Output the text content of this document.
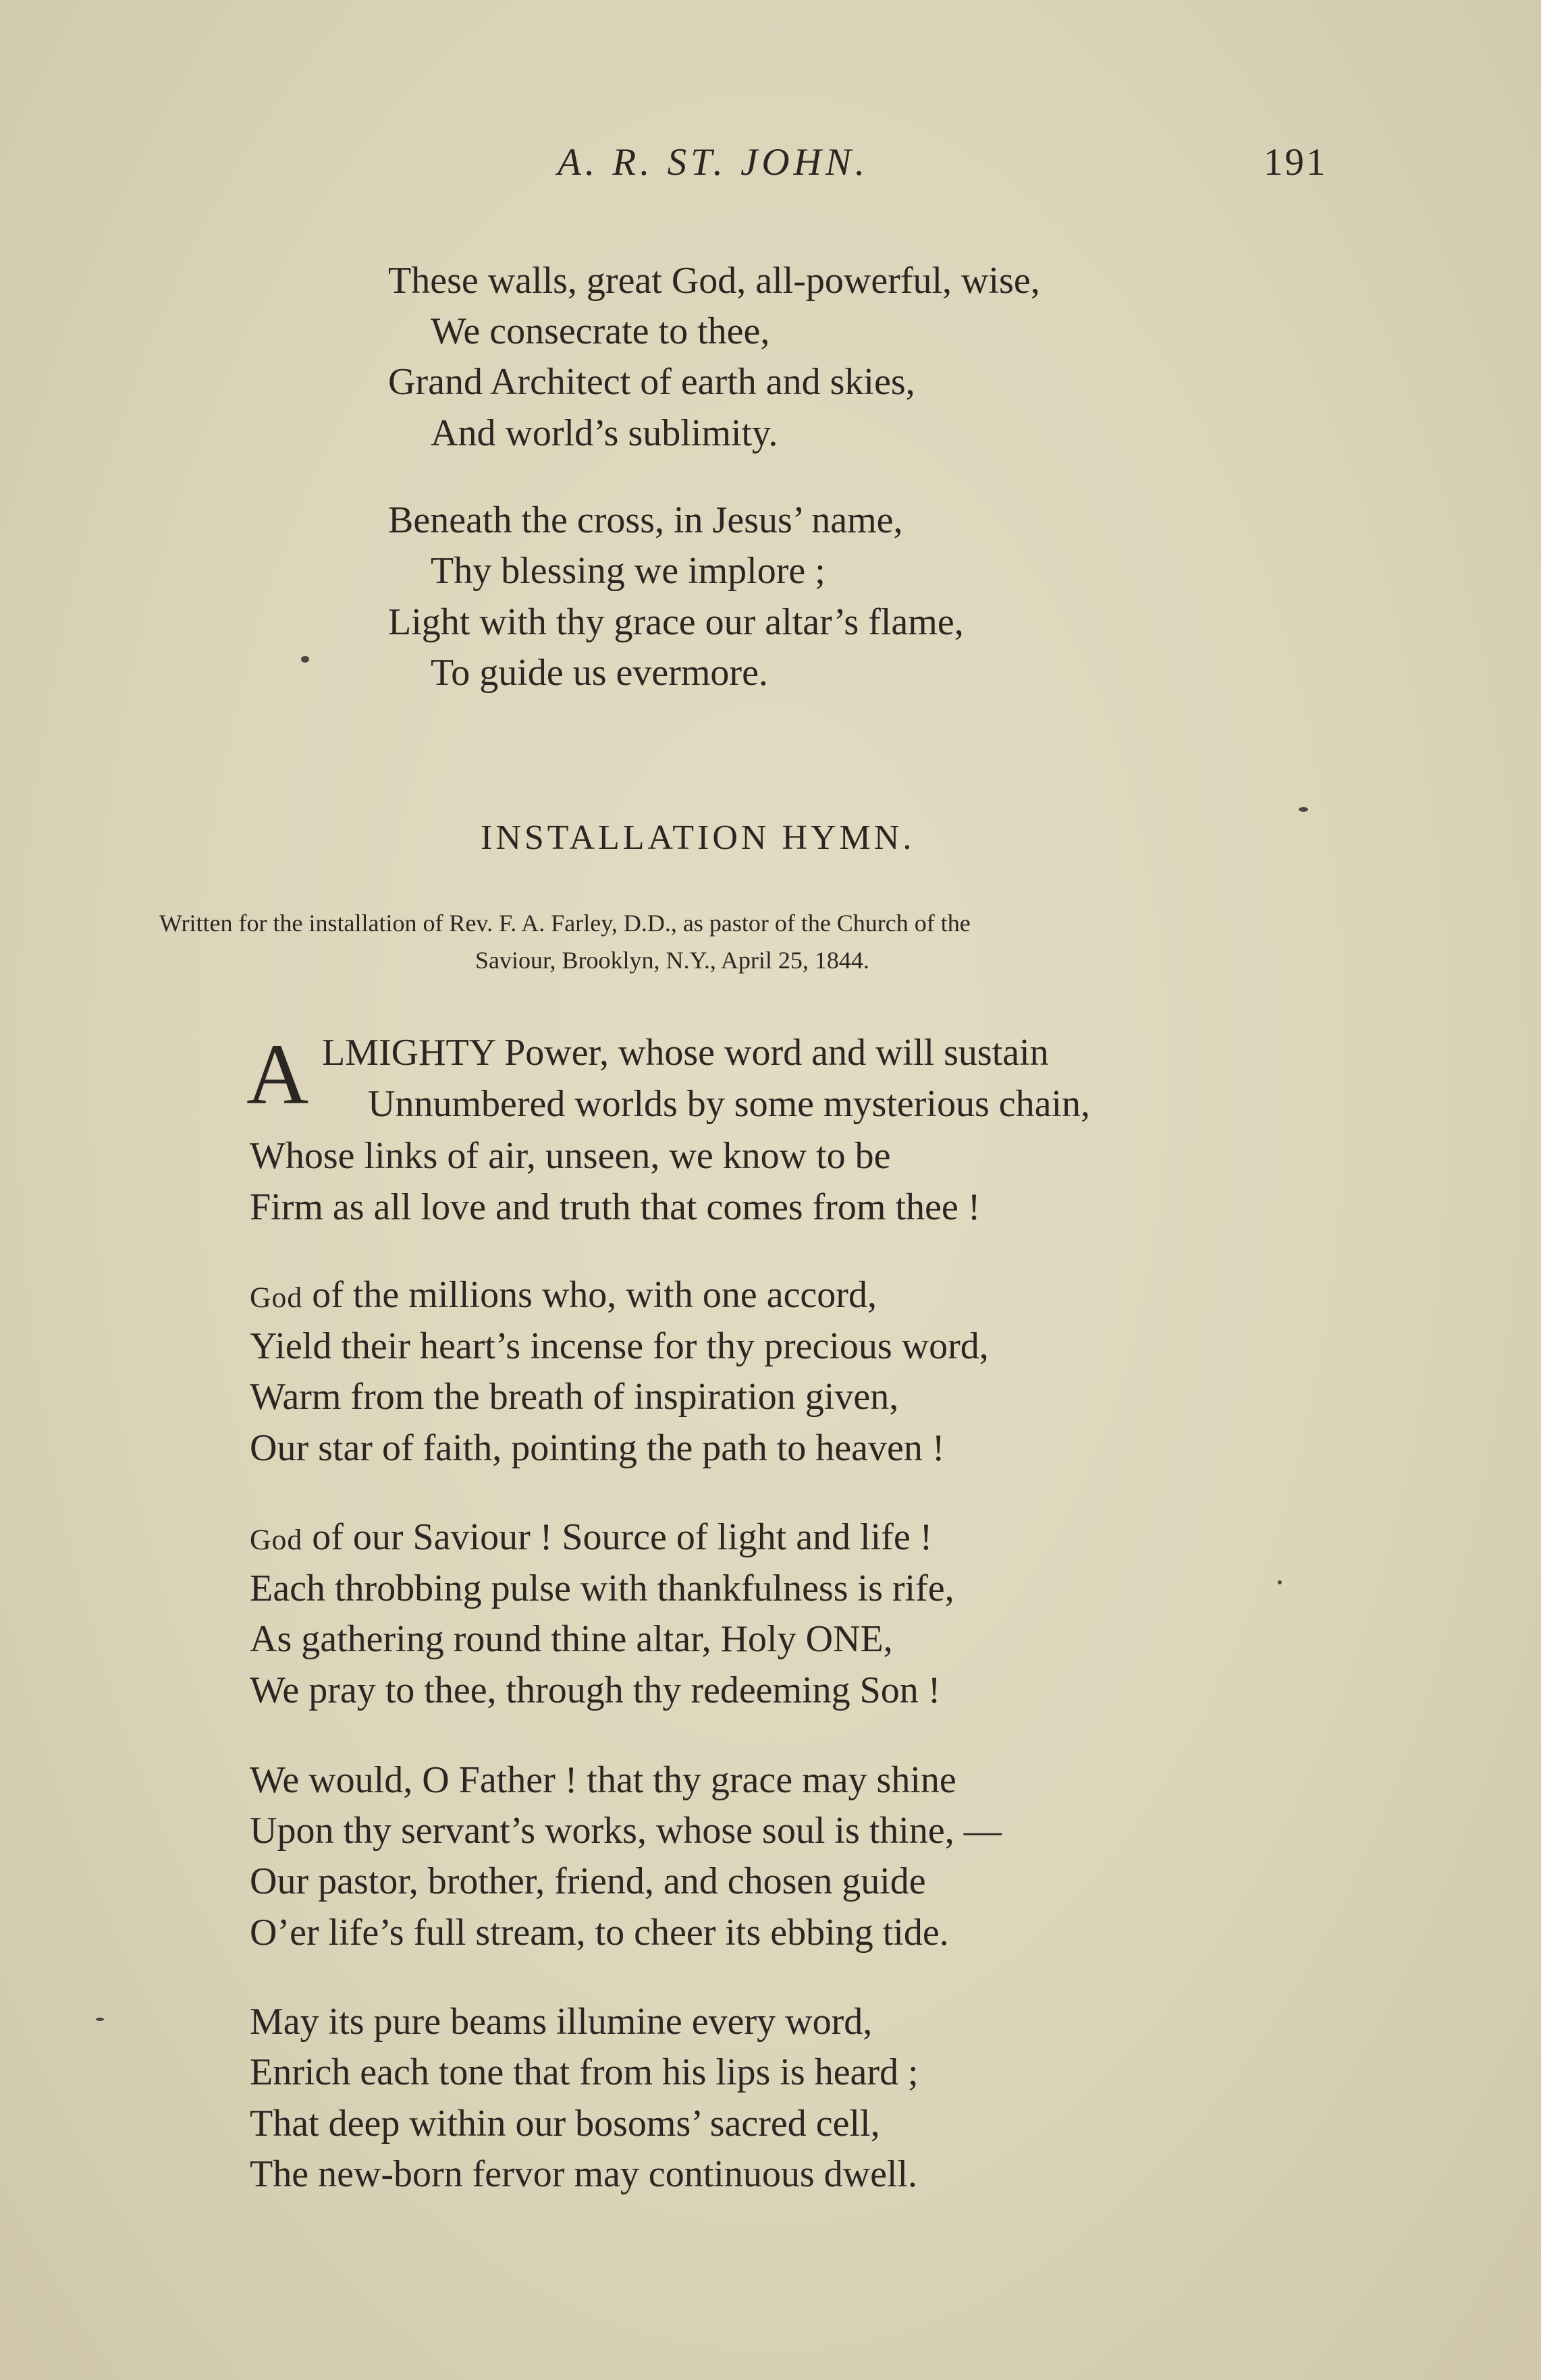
A. R. ST. JOHN.	191
These walls, great God, all-powerful, wise,
We consecrate to thee,
Grand Architect of earth and skies,
And world’s sublimity.
Beneath the cross, in Jesus’ name,
Thy blessing we implore ;
Light with thy grace our altar’s flame,
To guide us evermore.
INSTALLATION HYMN.
Written for the installation of Rev. F. A. Farley, D.D., as pastor of the Church of the
Saviour, Brooklyn, N.Y., April 25, 1844.
A LMIGHTY Power, whose word and will sustain
Unnumbered worlds by some mysterious chain,
Whose links of air, unseen, we know to be
Firm as all love and truth that comes from thee !
God of the millions who, with one accord,
Yield their heart’s incense for thy precious word,
Warm from the breath of inspiration given,
Our star of faith, pointing the path to heaven !
God of our Saviour ! Source of light and life !
Each throbbing pulse with thankfulness is rife,
As gathering round thine altar, Holy ONE,
We pray to thee, through thy redeeming Son !
We would, O Father ! that thy grace may shine
Upon thy servant’s works, whose soul is thine, —
Our pastor, brother, friend, and chosen guide
O’er life’s full stream, to cheer its ebbing tide.
May its pure beams illumine every word,
Enrich each tone that from his lips is heard ;
That deep within our bosoms’ sacred cell,
The new-born fervor may continuous dwell.
